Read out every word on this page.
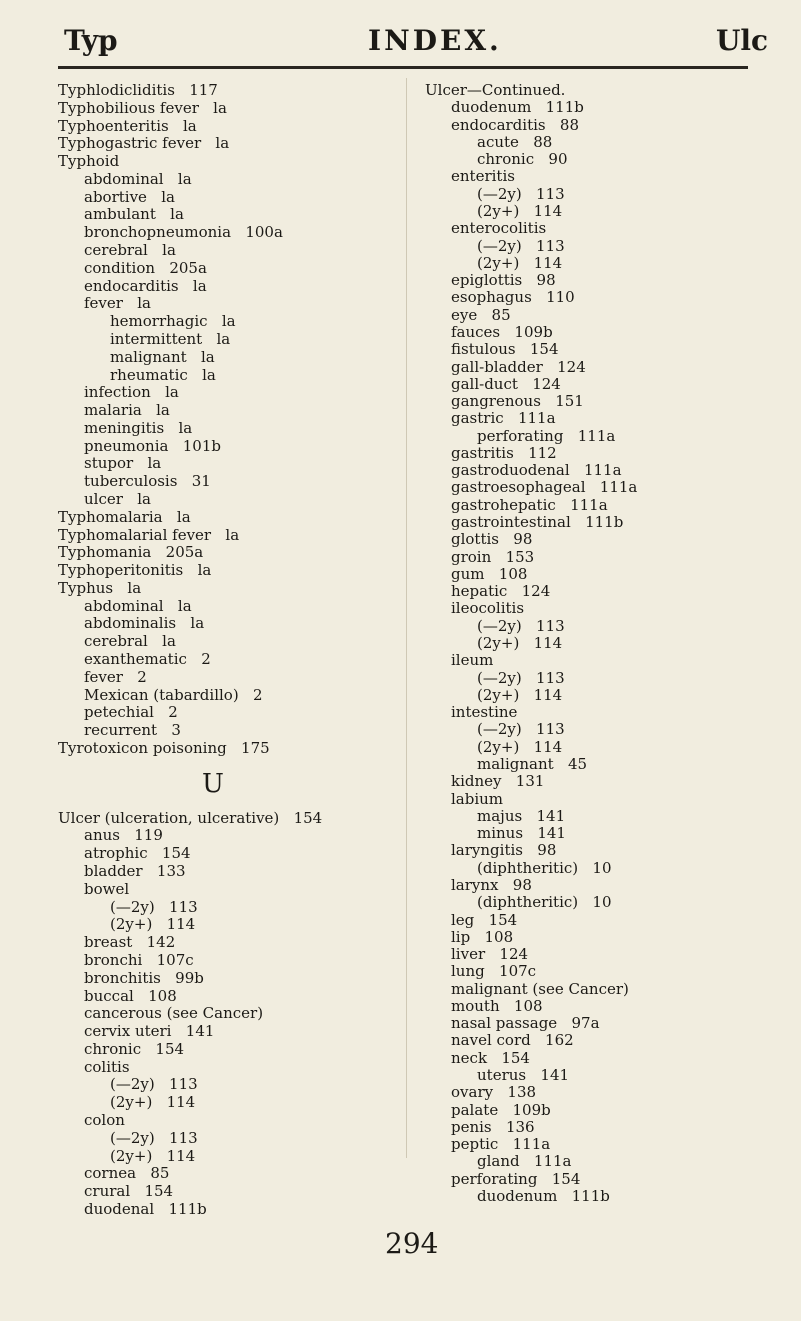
Typ	INDEX.	Ulc
Typhlodicliditis   117
Typhobilious fever   la
Typhoenteritis   la
Typhogastric fever   la
Typhoid
abdominal   la
abortive   la
ambulant   la
bronchopneumonia   100a
cerebral   la
condition   205a
endocarditis   la
fever   la
hemorrhagic   la
intermittent   la
malignant   la
rheumatic   la
infection   la
malaria   la
meningitis   la
pneumonia   101b
stupor   la
tuberculosis   31
ulcer   la
Typhomalaria   la
Typhomalarial fever   la
Typhomania   205a
Typhoperitonitis   la
Typhus   la
abdominal   la
abdominalis   la
cerebral   la
exanthematic   2
fever   2
Mexican (tabardillo)   2
petechial   2
recurrent   3
Tyrotoxicon poisoning   175
U
Ulcer (ulceration, ulcerative)   154
anus   119
atrophic   154
bladder   133
bowel
(—2y)   113
(2y+)   114
breast   142
bronchi   107c
bronchitis   99b
buccal   108
cancerous (see Cancer)
cervix uteri   141
chronic   154
colitis
(—2y)   113
(2y+)   114
colon
(—2y)   113
(2y+)   114
cornea   85
crural   154
duodenal   111b
Ulcer—Continued.
duodenum   111b
endocarditis   88
acute   88
chronic   90
enteritis
(—2y)   113
(2y+)   114
enterocolitis
(—2y)   113
(2y+)   114
epiglottis   98
esophagus   110
eye   85
fauces   109b
fistulous   154
gall-bladder   124
gall-duct   124
gangrenous   151
gastric   111a
perforating   111a
gastritis   112
gastroduodenal   111a
gastroesophageal   111a
gastrohepatic   111a
gastrointestinal   111b
glottis   98
groin   153
gum   108
hepatic   124
ileocolitis
(—2y)   113
(2y+)   114
ileum
(—2y)   113
(2y+)   114
intestine
(—2y)   113
(2y+)   114
malignant   45
kidney   131
labium
majus   141
minus   141
laryngitis   98
(diphtheritic)   10
larynx   98
(diphtheritic)   10
leg   154
lip   108
liver   124
lung   107c
malignant (see Cancer)
mouth   108
nasal passage   97a
navel cord   162
neck   154
uterus   141
ovary   138
palate   109b
penis   136
peptic   111a
gland   111a
perforating   154
duodenum   111b
294
